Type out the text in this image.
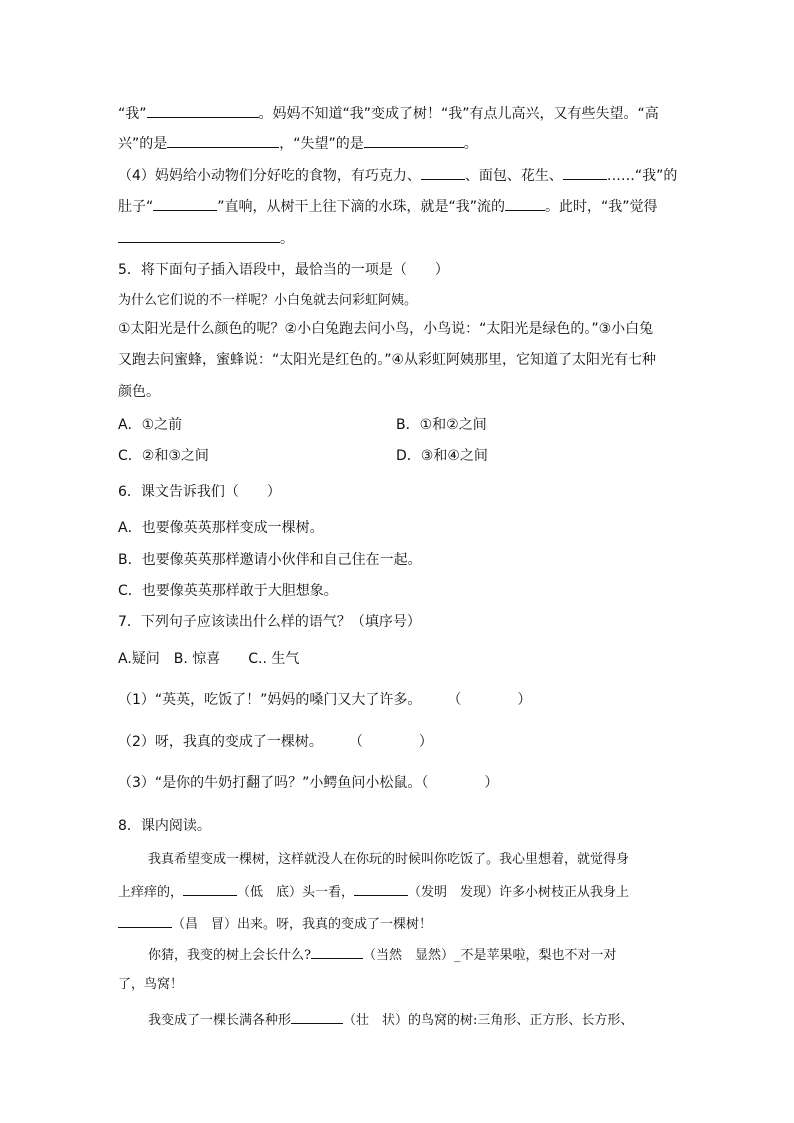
“我”	。妈妈不知道“我”变成了树！“我”有点儿高兴，又有些失望。“高
兴”的是	，“失望”的是	。
（4）妈妈给小动物们分好吃的食物，有巧克力、	、面包、花生、	……“我”的
肚子“	”直响，从树干上往下滴的水珠，就是“我”流的	。此时，“我”觉得
。
5．将下面句子插入语段中，最恰当的一项是（　　）
为什么它们说的不一样呢？小白兔就去问彩虹阿姨。
①太阳光是什么颜色的呢？②小白兔跑去问小鸟，小鸟说：“太阳光是绿色的。”③小白兔
又跑去问蜜蜂，蜜蜂说：“太阳光是红色的。”④从彩虹阿姨那里，它知道了太阳光有七种
颜色。
A．①之前	B．①和②之间
C．②和③之间	D．③和④之间
6．课文告诉我们（　　）
A．也要像英英那样变成一棵树。
B．也要像英英那样邀请小伙伴和自己住在一起。
C．也要像英英那样敢于大胆想象。
7．下列句子应该读出什么样的语气？（填序号）
A.疑问　B. 惊喜　　C.. 生气
（1）“英英，吃饭了！”妈妈的嗓门又大了许多。 （　　　　）
（2）呀，我真的变成了一棵树。 （　　　　）
（3）“是你的牛奶打翻了吗？”小鳄鱼问小松鼠。（　　　　）
8．课内阅读。
我真希望变成一棵树，这样就没人在你玩的时候叫你吃饭了。我心里想着，就觉得身
上痒痒的，	（低　底）头一看，	（发明　发现）许多小树枝正从我身上
（昌　冒）出来。呀，我真的变成了一棵树！
你猜，我变的树上会长什么?	（当然　显然）_不是苹果啦，梨也不对一对
了，鸟窝！
我变成了一棵长满各种形	（壮　状）的鸟窝的树:三角形、正方形、长方形、
